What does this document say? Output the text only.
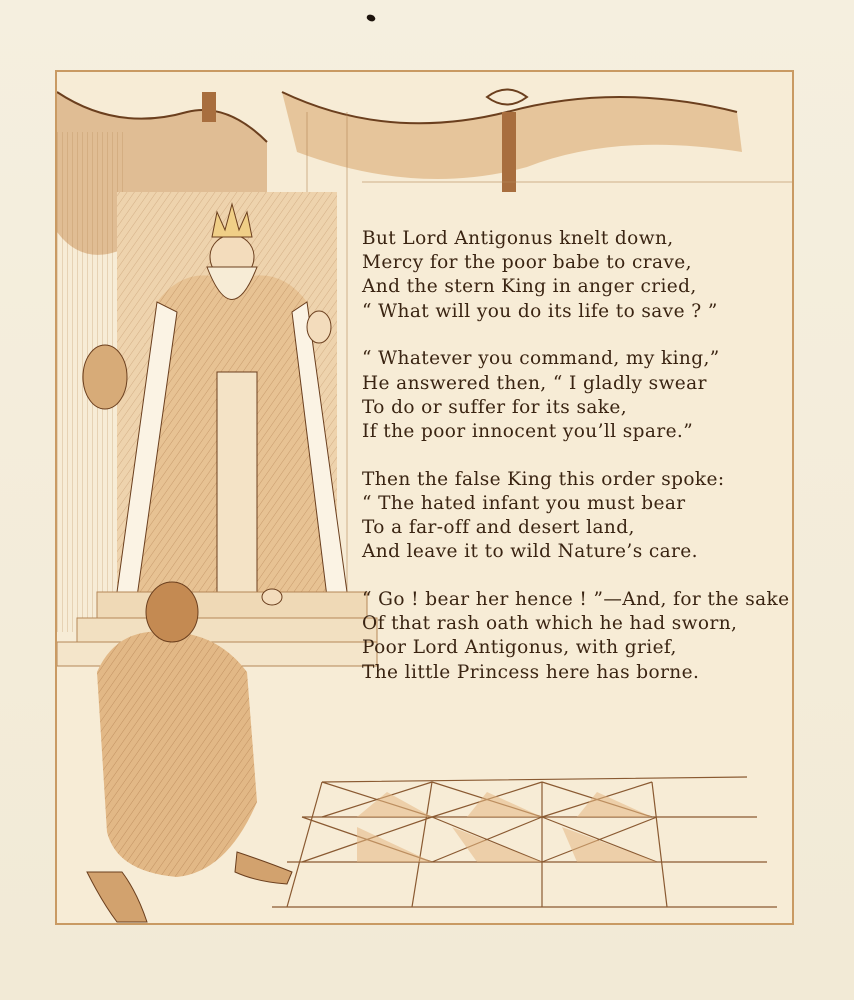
But Lord Antigonus knelt down,
Mercy for the poor babe to crave,
And the stern King in anger cried,
“ What will you do its life to save ? ”
“ Whatever you command, my king,”
He answered then, “ I gladly swear
To do or suffer for its sake,
If the poor innocent you’ll spare.”
Then the false King this order spoke:
“ The hated infant you must bear
To a far-off and desert land,
And leave it to wild Nature’s care.
“ Go ! bear her hence ! ”—And, for the sake
Of that rash oath which he had sworn,
Poor Lord Antigonus, with grief,
The little Princess here has borne.
